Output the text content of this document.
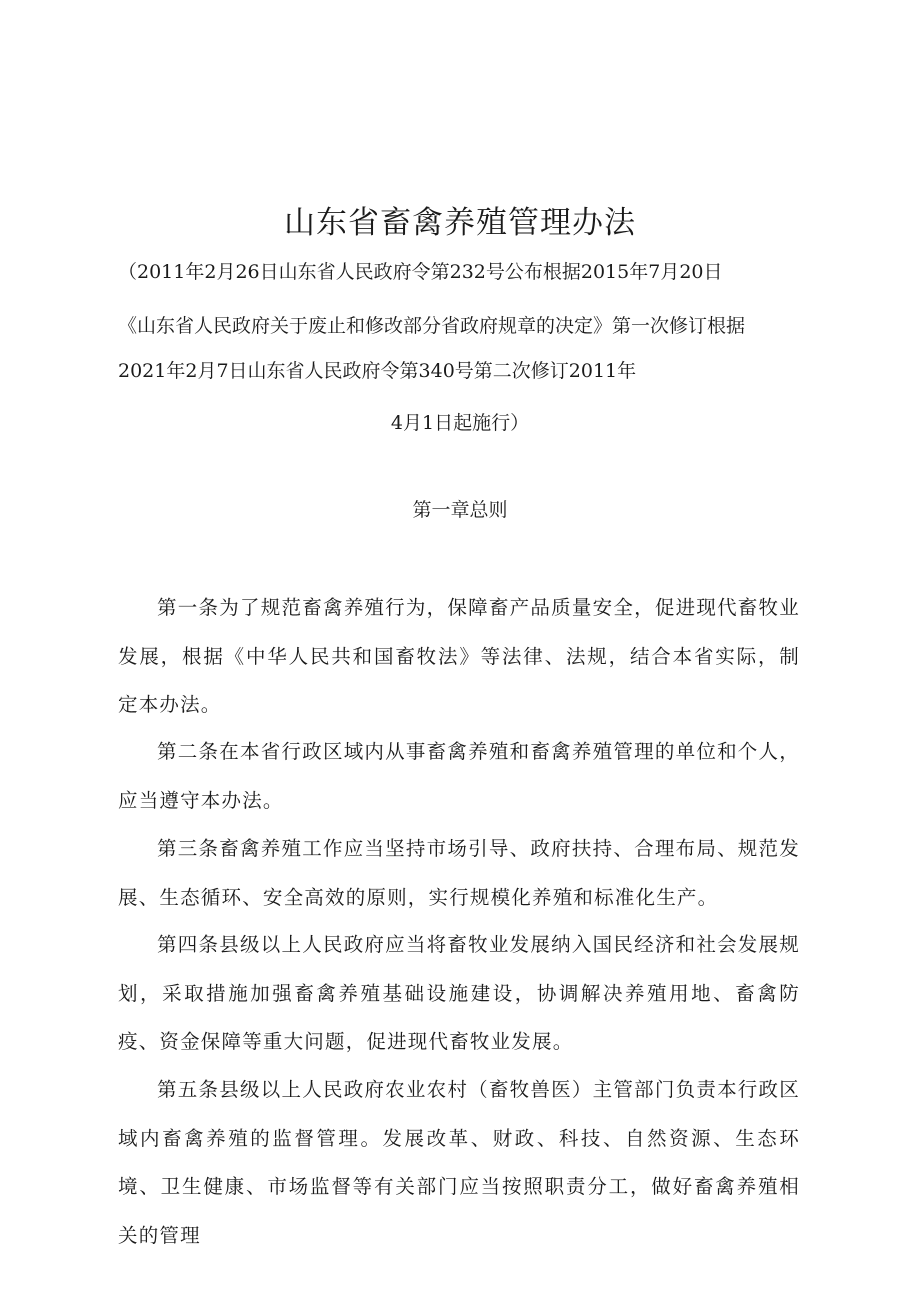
山东省畜禽养殖管理办法
（2011年2月26日山东省人民政府令第232号公布根据2015年7月20日
《山东省人民政府关于废止和修改部分省政府规章的决定》第一次修订根据
2021年2月7日山东省人民政府令第340号第二次修订2011年
4月1日起施行）
第一章总则

第一条为了规范畜禽养殖行为，保障畜产品质量安全，促进现代畜牧业发展，根据《中华人民共和国畜牧法》等法律、法规，结合本省实际，制定本办法。

第二条在本省行政区域内从事畜禽养殖和畜禽养殖管理的单位和个人，应当遵守本办法。

第三条畜禽养殖工作应当坚持市场引导、政府扶持、合理布局、规范发展、生态循环、安全高效的原则，实行规模化养殖和标准化生产。

第四条县级以上人民政府应当将畜牧业发展纳入国民经济和社会发展规划，采取措施加强畜禽养殖基础设施建设，协调解决养殖用地、畜禽防疫、资金保障等重大问题，促进现代畜牧业发展。

第五条县级以上人民政府农业农村（畜牧兽医）主管部门负责本行政区域内畜禽养殖的监督管理。发展改革、财政、科技、自然资源、生态环境、卫生健康、市场监督等有关部门应当按照职责分工，做好畜禽养殖相关的管理
